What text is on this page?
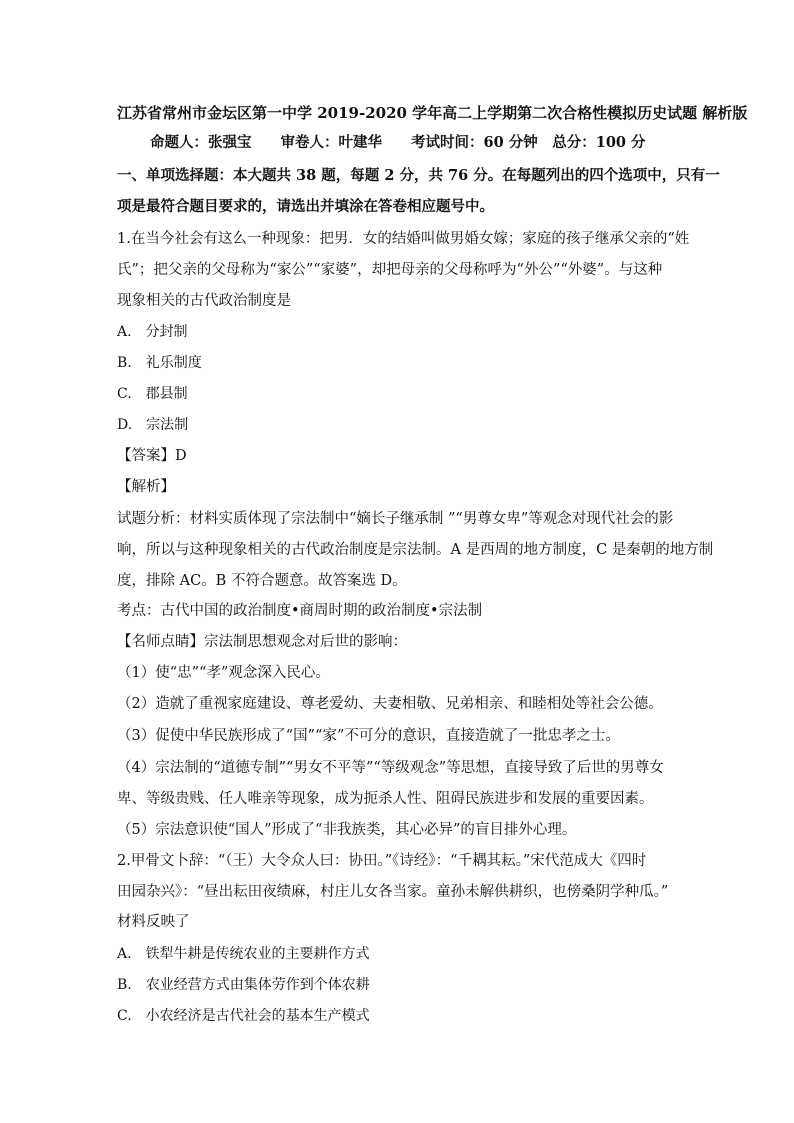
江苏省常州市金坛区第一中学 2019-2020 学年高二上学期第二次合格性模拟历史试题 解析版
命题人：张强宝　　审卷人：叶建华　　考试时间：60 分钟　总分：100 分
一、单项选择题：本大题共 38 题，每题 2 分，共 76 分。在每题列出的四个选项中，只有一
项是最符合题目要求的，请选出并填涂在答卷相应题号中。
1.在当今社会有这么一种现象：把男．女的结婚叫做男婚女嫁；家庭的孩子继承父亲的“姓
氏”；把父亲的父母称为“家公”“家婆”，却把母亲的父母称呼为“外公”“外婆”。与这种
现象相关的古代政治制度是
A.　分封制
B.　礼乐制度
C.　郡县制
D.　宗法制
【答案】D
【解析】
试题分析：材料实质体现了宗法制中“嫡长子继承制 ”“男尊女卑”等观念对现代社会的影
响，所以与这种现象相关的古代政治制度是宗法制。A 是西周的地方制度，C 是秦朝的地方制
度，排除 AC。B 不符合题意。故答案选 D。
考点：古代中国的政治制度•商周时期的政治制度•宗法制
【名师点睛】宗法制思想观念对后世的影响：
（1）使“忠”“孝”观念深入民心。
（2）造就了重视家庭建设、尊老爱幼、夫妻相敬、兄弟相亲、和睦相处等社会公德。
（3）促使中华民族形成了“国”“家”不可分的意识，直接造就了一批忠孝之士。
（4）宗法制的“道德专制”“男女不平等”“等级观念”等思想，直接导致了后世的男尊女
卑、等级贵贱、任人唯亲等现象，成为扼杀人性、阻碍民族进步和发展的重要因素。
（5）宗法意识使“国人”形成了“非我族类，其心必异”的盲目排外心理。
2.甲骨文卜辞：“（王）大令众人曰：协田。”《诗经》：“千耦其耘。”宋代范成大《四时
田园杂兴》：“昼出耘田夜绩麻，村庄儿女各当家。童孙未解供耕织，也傍桑阴学种瓜。”
材料反映了
A.　铁犁牛耕是传统农业的主要耕作方式
B.　农业经营方式由集体劳作到个体农耕
C.　小农经济是古代社会的基本生产模式
